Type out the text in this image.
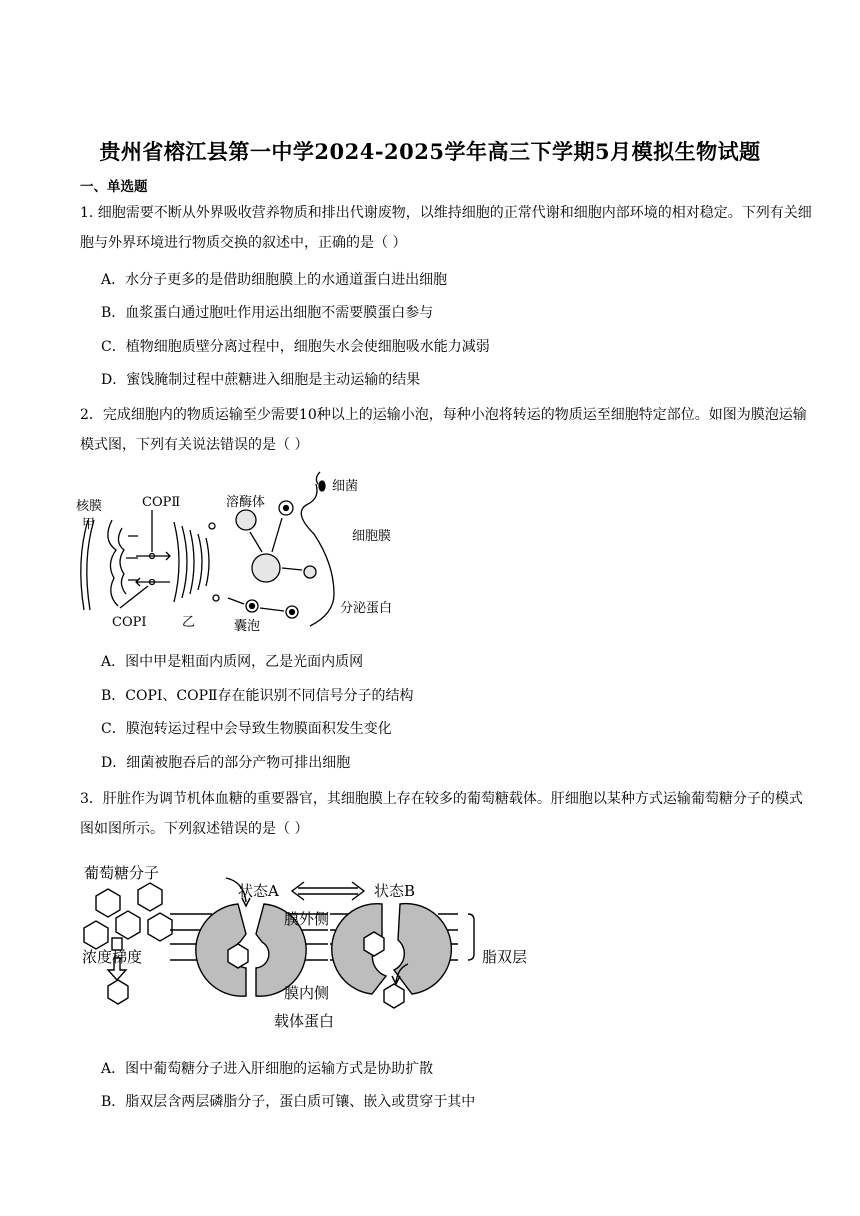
贵州省榕江县第一中学2024-2025学年高三下学期5月模拟生物试题
一、单选题
1. 细胞需要不断从外界吸收营养物质和排出代谢废物，以维持细胞的正常代谢和细胞内部环境的相对稳定。下列有关细胞与外界环境进行物质交换的叙述中，正确的是（ ）
A．水分子更多的是借助细胞膜上的水通道蛋白进出细胞
B．血浆蛋白通过胞吐作用运出细胞不需要膜蛋白参与
C．植物细胞质壁分离过程中，细胞失水会使细胞吸水能力减弱
D．蜜饯腌制过程中蔗糖进入细胞是主动运输的结果
2．完成细胞内的物质运输至少需要10种以上的运输小泡，每种小泡将转运的物质运至细胞特定部位。如图为膜泡运输模式图，下列有关说法错误的是（ ）
核膜
甲
COPⅡ
COPⅠ	乙
溶酶体
细菌
细胞膜
囊泡
分泌蛋白
A．图中甲是粗面内质网，乙是光面内质网
B．COPⅠ、COPⅡ存在能识别不同信号分子的结构
C．膜泡转运过程中会导致生物膜面积发生变化
D．细菌被胞吞后的部分产物可排出细胞
3．肝脏作为调节机体血糖的重要器官，其细胞膜上存在较多的葡萄糖载体。肝细胞以某种方式运输葡萄糖分子的模式图如图所示。下列叙述错误的是（ ）
葡萄糖分子
状态A	状态B
膜外侧
浓度梯度	脂双层
膜内侧
载体蛋白
A．图中葡萄糖分子进入肝细胞的运输方式是协助扩散
B．脂双层含两层磷脂分子，蛋白质可镶、嵌入或贯穿于其中
